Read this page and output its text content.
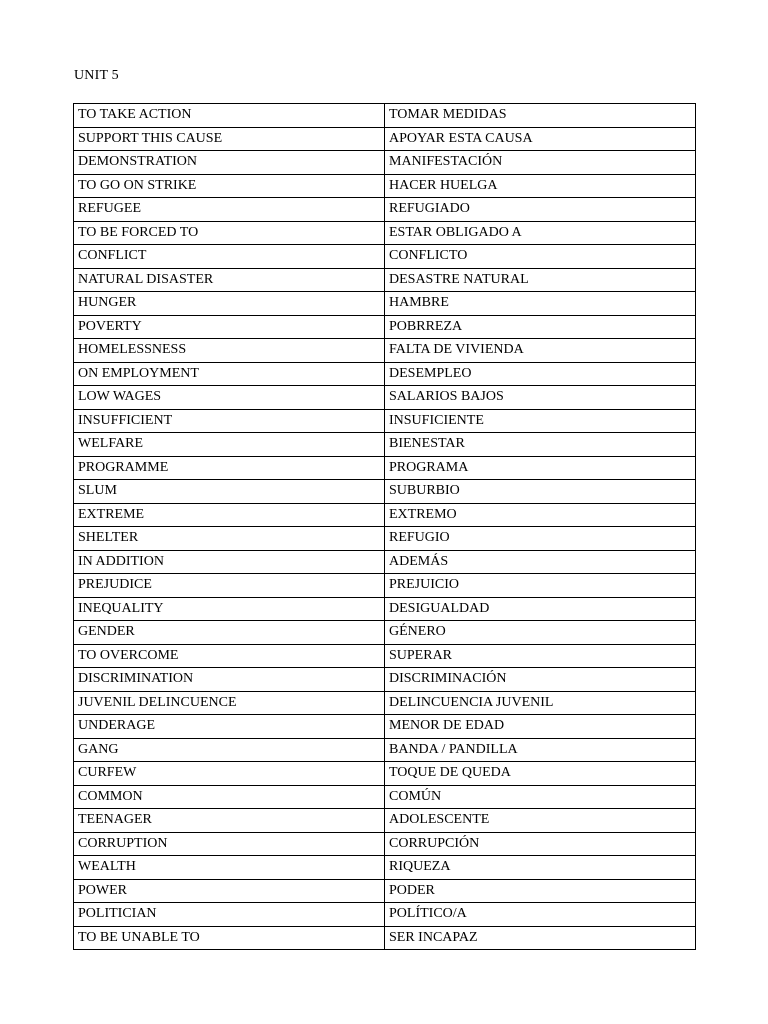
UNIT 5
TO TAKE ACTION	TOMAR MEDIDAS
SUPPORT THIS CAUSE	APOYAR ESTA CAUSA
DEMONSTRATION	MANIFESTACIÓN
TO GO ON STRIKE	HACER HUELGA
REFUGEE	REFUGIADO
TO BE FORCED TO	ESTAR OBLIGADO A
CONFLICT	CONFLICTO
NATURAL DISASTER	DESASTRE NATURAL
HUNGER	HAMBRE
POVERTY	POBRREZA
HOMELESSNESS	FALTA DE VIVIENDA
ON EMPLOYMENT	DESEMPLEO
LOW WAGES	SALARIOS BAJOS
INSUFFICIENT	INSUFICIENTE
WELFARE	BIENESTAR
PROGRAMME	PROGRAMA
SLUM	SUBURBIO
EXTREME	EXTREMO
SHELTER	REFUGIO
IN ADDITION	ADEMÁS
PREJUDICE	PREJUICIO
INEQUALITY	DESIGUALDAD
GENDER	GÉNERO
TO OVERCOME	SUPERAR
DISCRIMINATION	DISCRIMINACIÓN
JUVENIL DELINCUENCE	DELINCUENCIA JUVENIL
UNDERAGE	MENOR DE EDAD
GANG	BANDA / PANDILLA
CURFEW	TOQUE DE QUEDA
COMMON	COMÚN
TEENAGER	ADOLESCENTE
CORRUPTION	CORRUPCIÓN
WEALTH	RIQUEZA
POWER	PODER
POLITICIAN	POLÍTICO/A
TO BE UNABLE TO	SER INCAPAZ
